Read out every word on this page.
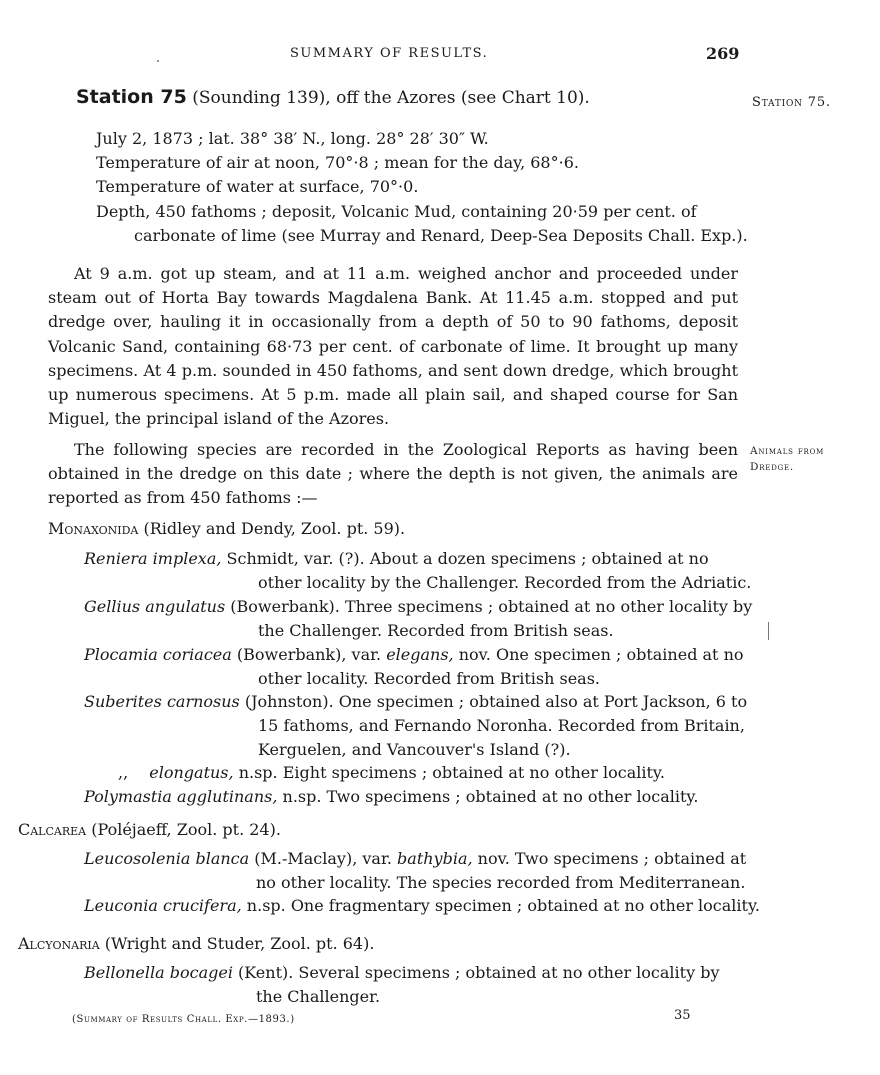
SUMMARY OF RESULTS.	269
Station 75 (Sounding 139), off the Azores (see Chart 10).	Station 75.
July 2, 1873 ; lat. 38° 38′ N., long. 28° 28′ 30″ W.
Temperature of air at noon, 70°·8 ; mean for the day, 68°·6.
Temperature of water at surface, 70°·0.
Depth, 450 fathoms ; deposit, Volcanic Mud, containing 20·59 per cent. of
carbonate of lime (see Murray and Renard, Deep-Sea Deposits Chall. Exp.).

At 9 a.m. got up steam, and at 11 a.m. weighed anchor and proceeded under steam out of Horta Bay towards Magdalena Bank. At 11.45 a.m. stopped and put dredge over, hauling it in occasionally from a depth of 50 to 90 fathoms, deposit Volcanic Sand, containing 68·73 per cent. of carbonate of lime. It brought up many specimens. At 4 p.m. sounded in 450 fathoms, and sent down dredge, which brought up numerous specimens. At 5 p.m. made all plain sail, and shaped course for San Miguel, the principal island of the Azores.

The following species are recorded in the Zoological Reports as having been obtained in the dredge on this date ; where the depth is not given, the animals are reported as from 450 fathoms :—

Animals from
Dredge.
Monaxonida (Ridley and Dendy, Zool. pt. 59).
Reniera implexa, Schmidt, var. (?). About a dozen specimens ; obtained at no
other locality by the Challenger. Recorded from the Adriatic.
Gellius angulatus (Bowerbank). Three specimens ; obtained at no other locality by
the Challenger. Recorded from British seas.
Plocamia coriacea (Bowerbank), var. elegans, nov. One specimen ; obtained at no
other locality. Recorded from British seas.
Suberites carnosus (Johnston). One specimen ; obtained also at Port Jackson, 6 to
15 fathoms, and Fernando Noronha. Recorded from Britain,
Kerguelen, and Vancouver's Island (?).
,, elongatus, n.sp. Eight specimens ; obtained at no other locality.
Polymastia agglutinans, n.sp. Two specimens ; obtained at no other locality.
Calcarea (Poléjaeff, Zool. pt. 24).
Leucosolenia blanca (M.-Maclay), var. bathybia, nov. Two specimens ; obtained at
no other locality. The species recorded from Mediterranean.
Leuconia crucifera, n.sp. One fragmentary specimen ; obtained at no other locality.
Alcyonaria (Wright and Studer, Zool. pt. 64).
Bellonella bocagei (Kent). Several specimens ; obtained at no other locality by
the Challenger.
(Summary of Results Chall. Exp.—1893.)	35
